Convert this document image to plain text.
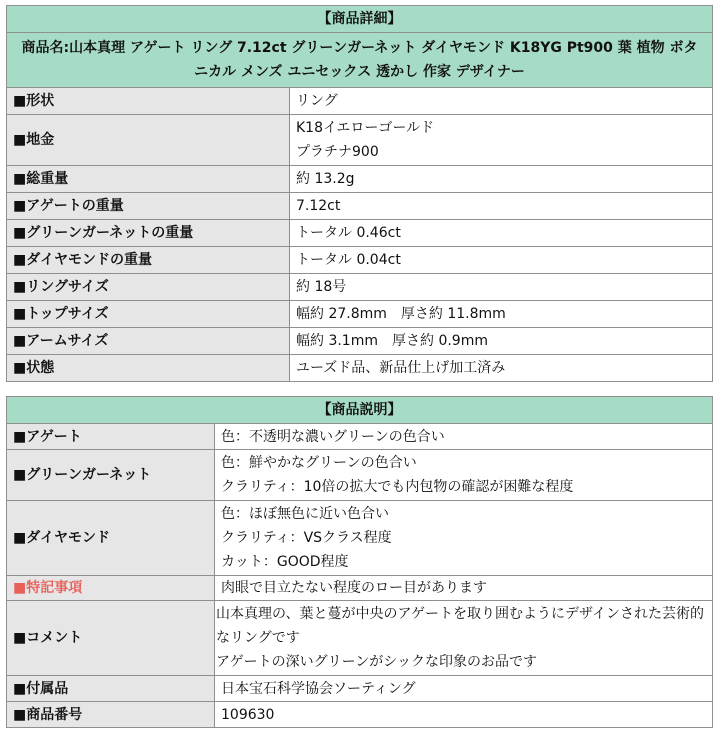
【商品詳細】	
商品名:山本真理 アゲート リング 7.12ct グリーンガーネット ダイヤモンド K18YG Pt900 葉 植物 ボタニカル メンズ ユニセックス 透かし 作家 デザイナー	
■形状	リング
■地金	K18イエローゴールド
プラチナ900

■総重量	約 13.2g
■アゲートの重量	7.12ct
■グリーンガーネットの重量	トータル 0.46ct
■ダイヤモンドの重量	トータル 0.04ct
■リングサイズ	約 18号
■トップサイズ	幅約 27.8mm　厚さ約 11.8mm
■アームサイズ	幅約 3.1mm　厚さ約 0.9mm
■状態	ユーズド品、新品仕上げ加工済み
【商品説明】	
■アゲート	色：不透明な濃いグリーンの色合い
■グリーンガーネット	色：鮮やかなグリーンの色合い
クラリティ：10倍の拡大でも内包物の確認が困難な程度

■ダイヤモンド	色：ほぼ無色に近い色合い
クラリティ：VSクラス程度
カット：GOOD程度

■特記事項	肉眼で目立たない程度のロー目があります
■コメント	山本真理の、葉と蔓が中央のアゲートを取り囲むようにデザインされた芸術的なリングです
アゲートの深いグリーンがシックな印象のお品です

■付属品	日本宝石科学協会ソーティング
■商品番号	109630
